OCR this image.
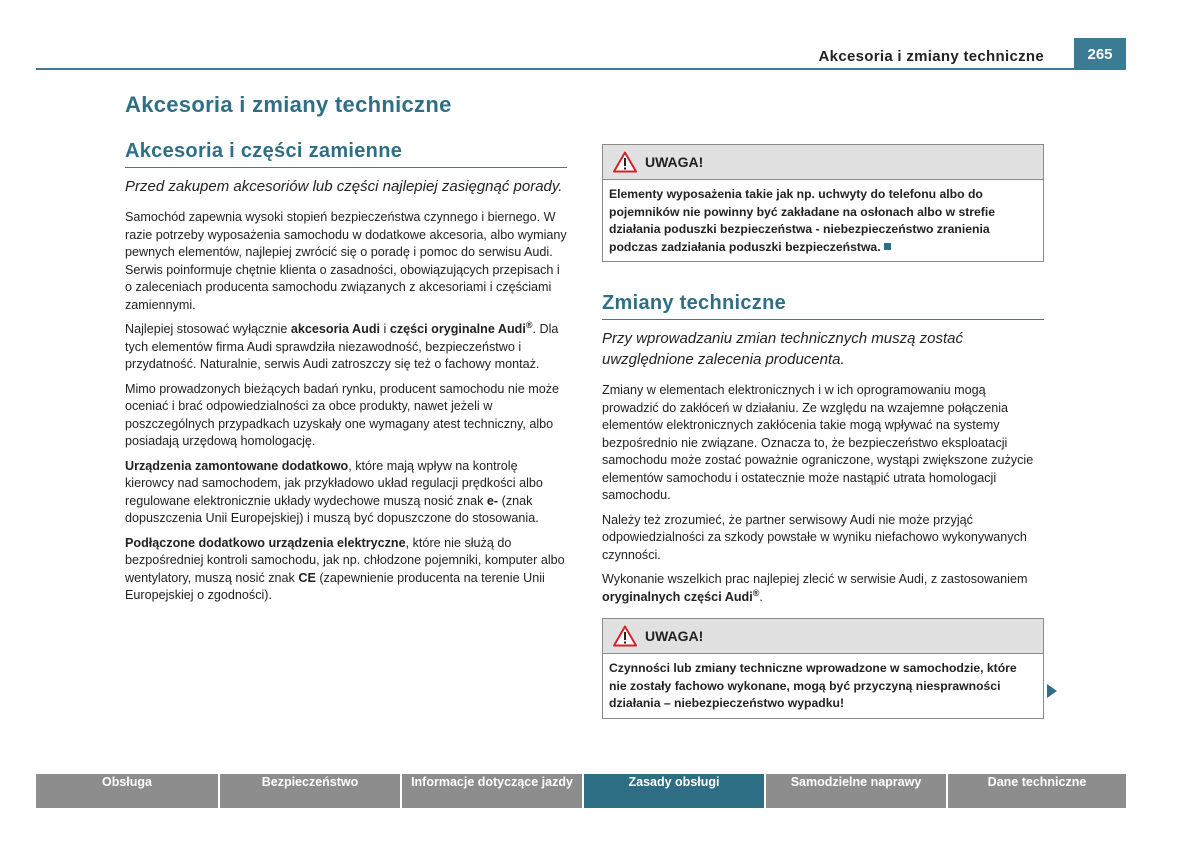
Akcesoria i zmiany techniczne	265
Akcesoria i zmiany techniczne
Akcesoria i części zamienne

Przed zakupem akcesoriów lub części najlepiej zasięgnąć porady.

Samochód zapewnia wysoki stopień bezpieczeństwa czynnego i biernego. W razie potrzeby wyposażenia samochodu w dodatkowe akcesoria, albo wymiany pewnych elementów, najlepiej zwrócić się o poradę i pomoc do serwisu Audi. Serwis poinformuje chętnie klienta o zasadności, obowiązujących przepisach i o zaleceniach producenta samochodu związanych z akcesoriami i częściami zamiennymi.

Najlepiej stosować wyłącznie akcesoria Audi i części oryginalne Audi®. Dla tych elementów firma Audi sprawdziła niezawodność, bezpieczeństwo i przydatność. Naturalnie, serwis Audi zatroszczy się też o fachowy montaż.

Mimo prowadzonych bieżących badań rynku, producent samochodu nie może oceniać i brać odpowiedzialności za obce produkty, nawet jeżeli w poszczególnych przypadkach uzyskały one wymagany atest techniczny, albo posiadają urzędową homologację.

Urządzenia zamontowane dodatkowo, które mają wpływ na kontrolę kierowcy nad samochodem, jak przykładowo układ regulacji prędkości albo regulowane elektronicznie układy wydechowe muszą nosić znak e- (znak dopuszczenia Unii Europejskiej) i muszą być dopuszczone do stosowania.

Podłączone dodatkowo urządzenia elektryczne, które nie służą do bezpośredniej kontroli samochodu, jak np. chłodzone pojemniki, komputer albo wentylatory, muszą nosić znak CE (zapewnienie producenta na terenie Unii Europejskiej o zgodności).

UWAGA!
Elementy wyposażenia takie jak np. uchwyty do telefonu albo do pojemników nie powinny być zakładane na osłonach albo w strefie działania poduszki bezpieczeństwa - niebezpieczeństwo zranienia podczas zadziałania poduszki bezpieczeństwa.
Zmiany techniczne

Przy wprowadzaniu zmian technicznych muszą zostać uwzględnione zalecenia producenta.

Zmiany w elementach elektronicznych i w ich oprogramowaniu mogą prowadzić do zakłóceń w działaniu. Ze względu na wzajemne połączenia elementów elektronicznych zakłócenia takie mogą wpływać na systemy bezpośrednio nie związane. Oznacza to, że bezpieczeństwo eksploatacji samochodu może zostać poważnie ograniczone, wystąpi zwiększone zużycie elementów samochodu i ostatecznie może nastąpić utrata homologacji samochodu.

Należy też zrozumieć, że partner serwisowy Audi nie może przyjąć odpowiedzialności za szkody powstałe w wyniku niefachowo wykonywanych czynności.

Wykonanie wszelkich prac najlepiej zlecić w serwisie Audi, z zastosowaniem oryginalnych części Audi®.

UWAGA!
Czynności lub zmiany techniczne wprowadzone w samochodzie, które nie zostały fachowo wykonane, mogą być przyczyną niesprawności działania – niebezpieczeństwo wypadku!
Obsługa	Bezpieczeństwo	Informacje dotyczące jazdy	Zasady obsługi	Samodzielne naprawy	Dane techniczne
